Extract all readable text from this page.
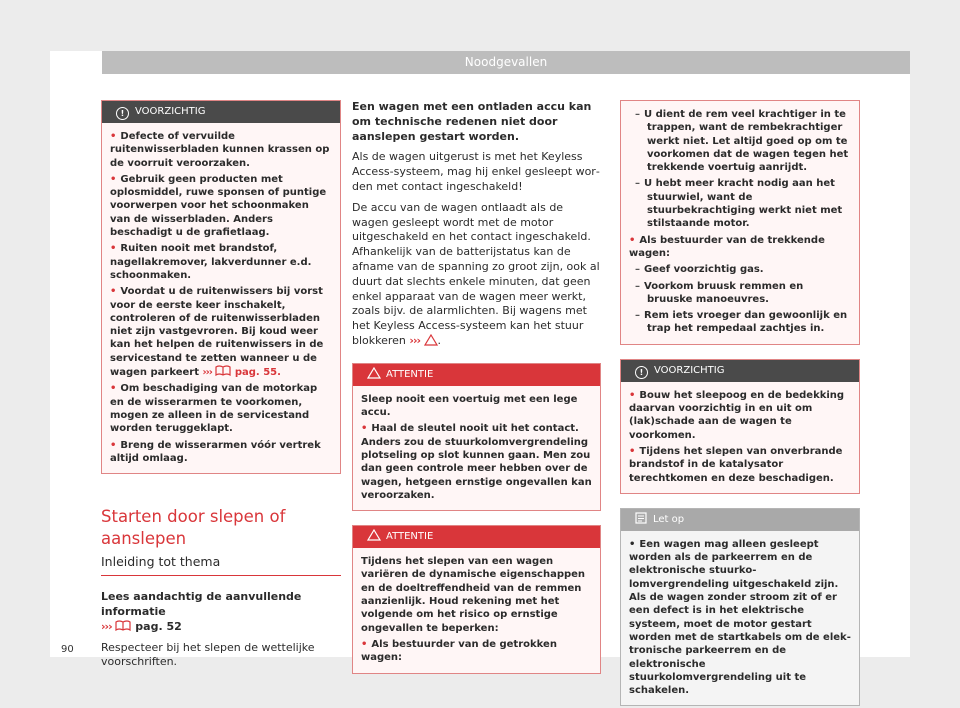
Noodgevallen
! VOORZICHTIG

• Defecte of vervuilde ruitenwisserbladen kunnen krassen op de voorruit veroorzaken.

• Gebruik geen producten met oplosmiddel, ruwe sponsen of puntige voorwerpen voor het schoonmaken van de wisserbladen. Anders beschadigt u de grafietlaag.

• Ruiten nooit met brandstof, nagellakremover, lakverdunner e.d. schoonmaken.

• Voordat u de ruitenwissers bij vorst voor de eerste keer inschakelt, controleren of de ruitenwisserbladen niet zijn vastgevroren. Bij koud weer kan het helpen de ruitenwissers in de servicestand te zetten wanneer u de wagen parkeert ››› pag. 55.

• Om beschadiging van de motorkap en de wisserarmen te voorkomen, mogen ze alleen in de servicestand worden teruggeklapt.

• Breng de wisserarmen vóór vertrek altijd omlaag.

Starten door slepen of aanslepen
Inleiding tot thema

Lees aandachtig de aanvullende informatie
››› pag. 52

Respecteer bij het slepen de wettelijke voorschriften.

Een wagen met een ontladen accu kan om technische redenen niet door aanslepen gestart worden.

Als de wagen uitgerust is met het Keyless Access-systeem, mag hij enkel gesleept worden met contact ingeschakeld!

De accu van de wagen ontlaadt als de wagen gesleept wordt met de motor uitgeschakeld en het contact ingeschakeld. Afhankelijk van de batterijstatus kan de afname van de spanning zo groot zijn, ook al duurt dat slechts enkele minuten, dat geen enkel apparaat van de wagen meer werkt, zoals bijv. de alarmlichten. Bij wagens met het Keyless Access-systeem kan het stuur blokkeren ››› .

ATTENTIE

Sleep nooit een voertuig met een lege accu.

• Haal de sleutel nooit uit het contact. Anders zou de stuurkolomvergrendeling plotseling op slot kunnen gaan. Men zou dan geen controle meer hebben over de wagen, hetgeen ernstige ongevallen kan veroorzaken.

ATTENTIE

Tijdens het slepen van een wagen variëren de dynamische eigenschappen en de doeltreffendheid van de remmen aanzienlijk. Houd rekening met het volgende om het risico op ernstige ongevallen te beperken:

• Als bestuurder van de getrokken wagen:

– U dient de rem veel krachtiger in te trappen, want de rembekrachtiger werkt niet. Let altijd goed op om te voorkomen dat de wagen tegen het trekkende voertuig aanrijdt.

– U hebt meer kracht nodig aan het stuurwiel, want de stuurbekrachtiging werkt niet met stilstaande motor.

• Als bestuurder van de trekkende wagen:

– Geef voorzichtig gas.

– Voorkom bruusk remmen en bruuske manoeuvres.

– Rem iets vroeger dan gewoonlijk en trap het rempedaal zachtjes in.

! VOORZICHTIG

• Bouw het sleepoog en de bedekking daarvan voorzichtig in en uit om (lak)schade aan de wagen te voorkomen.

• Tijdens het slepen van onverbrande brandstof in de katalysator terechtkomen en deze beschadigen.

Let op

• Een wagen mag alleen gesleept worden als de parkeerrem en de elektronische stuurkolomvergrendeling uitgeschakeld zijn. Als de wagen zonder stroom zit of er een defect is in het elektrische systeem, moet de motor gestart worden met de startkabels om de elektronische parkeerrem en de elektronische stuurkolomvergrendeling uit te schakelen.

90
